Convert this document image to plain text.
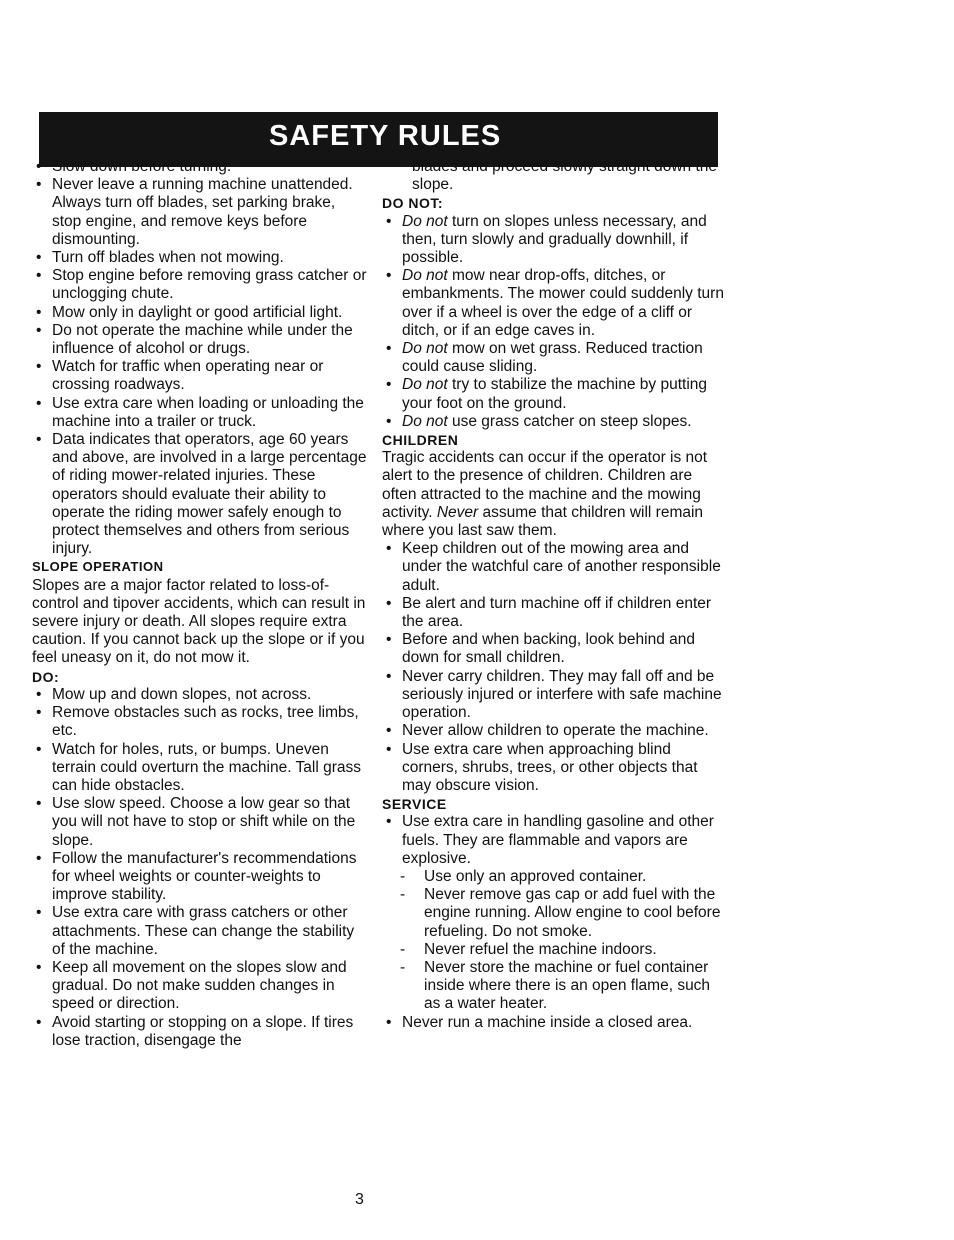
SAFETY RULES
• Slow down before turning.
• Never leave a running machine unattended. Always turn off blades, set parking brake, stop engine, and remove keys before dismounting.
• Turn off blades when not mowing.
• Stop engine before removing grass catcher or unclogging chute.
• Mow only in daylight or good artificial light.
• Do not operate the machine while under the influence of alcohol or drugs.
• Watch for traffic when operating near or crossing roadways.
• Use extra care when loading or unloading the machine into a trailer or truck.
• Data indicates that operators, age 60 years and above, are involved in a large percentage of riding mower-related injuries. These operators should evaluate their ability to operate the riding mower safely enough to protect themselves and others from serious injury.

SLOPE OPERATION

Slopes are a major factor related to loss-of-control and tipover accidents, which can result in severe injury or death. All slopes require extra caution. If you cannot back up the slope or if you feel uneasy on it, do not mow it.

DO:

• Mow up and down slopes, not across.
• Remove obstacles such as rocks, tree limbs, etc.
• Watch for holes, ruts, or bumps. Uneven terrain could overturn the machine. Tall grass can hide obstacles.
• Use slow speed. Choose a low gear so that you will not have to stop or shift while on the slope.
• Follow the manufacturer's recommendations for wheel weights or counter-weights to improve stability.
• Use extra care with grass catchers or other attachments. These can change the stability of the machine.
• Keep all movement on the slopes slow and gradual. Do not make sudden changes in speed or direction.
• Avoid starting or stopping on a slope. If tires lose traction, disengage the
3

blades and proceed slowly straight down the slope.

DO NOT:

• Do not turn on slopes unless necessary, and then, turn slowly and gradually downhill, if possible.
• Do not mow near drop-offs, ditches, or embankments. The mower could suddenly turn over if a wheel is over the edge of a cliff or ditch, or if an edge caves in.
• Do not mow on wet grass. Reduced traction could cause sliding.
• Do not try to stabilize the machine by putting your foot on the ground.
• Do not use grass catcher on steep slopes.

CHILDREN

Tragic accidents can occur if the operator is not alert to the presence of children. Children are often attracted to the machine and the mowing activity. Never assume that children will remain where you last saw them.

• Keep children out of the mowing area and under the watchful care of another responsible adult.
• Be alert and turn machine off if children enter the area.
• Before and when backing, look behind and down for small children.
• Never carry children. They may fall off and be seriously injured or interfere with safe machine operation.
• Never allow children to operate the machine.
• Use extra care when approaching blind corners, shrubs, trees, or other objects that may obscure vision.

SERVICE

• Use extra care in handling gasoline and other fuels. They are flammable and vapors are explosive.
- Use only an approved container.
- Never remove gas cap or add fuel with the engine running. Allow engine to cool before refueling. Do not smoke.
- Never refuel the machine indoors.
- Never store the machine or fuel container inside where there is an open flame, such as a water heater.
• Never run a machine inside a closed area.
